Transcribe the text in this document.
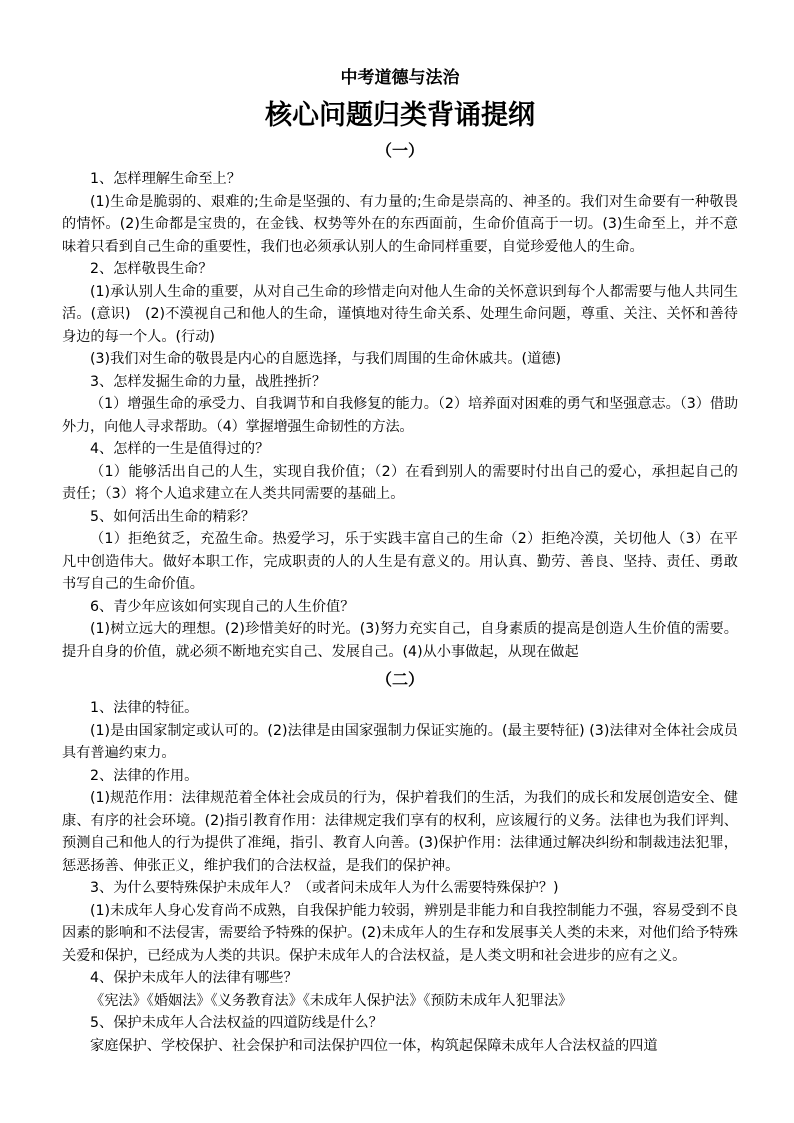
中考道德与法治
核心问题归类背诵提纲
（一）

1、怎样理解生命至上？

(1)生命是脆弱的、艰难的;生命是坚强的、有力量的;生命是崇高的、神圣的。我们对生命要有一种敬畏的情怀。(2)生命都是宝贵的，在金钱、权势等外在的东西面前，生命价值高于一切。(3)生命至上，并不意味着只看到自己生命的重要性，我们也必须承认别人的生命同样重要，自觉珍爱他人的生命。

2、怎样敬畏生命？

(1)承认别人生命的重要，从对自己生命的珍惜走向对他人生命的关怀意识到每个人都需要与他人共同生活。(意识)　(2)不漠视自己和他人的生命，谨慎地对待生命关系、处理生命问题，尊重、关注、关怀和善待身边的每一个人。(行动)

(3)我们对生命的敬畏是内心的自愿选择，与我们周围的生命休戚共。(道德)

3、怎样发掘生命的力量，战胜挫折？

（1）增强生命的承受力、自我调节和自我修复的能力。（2）培养面对困难的勇气和坚强意志。（3）借助外力，向他人寻求帮助。（4）掌握增强生命韧性的方法。

4、怎样的一生是值得过的？

（1）能够活出自己的人生，实现自我价值；（2）在看到别人的需要时付出自己的爱心，承担起自己的责任；（3）将个人追求建立在人类共同需要的基础上。

5、如何活出生命的精彩？

（1）拒绝贫乏，充盈生命。热爱学习，乐于实践丰富自己的生命（2）拒绝冷漠，关切他人（3）在平凡中创造伟大。做好本职工作，完成职责的人的人生是有意义的。用认真、勤劳、善良、坚持、责任、勇敢书写自己的生命价值。

6、青少年应该如何实现自己的人生价值？

(1)树立远大的理想。(2)珍惜美好的时光。(3)努力充实自己，自身素质的提高是创造人生价值的需要。提升自身的价值，就必须不断地充实自己、发展自己。(4)从小事做起，从现在做起

（二）

1、法律的特征。

(1)是由国家制定或认可的。(2)法律是由国家强制力保证实施的。(最主要特征) (3)法律对全体社会成员具有普遍约束力。

2、法律的作用。

(1)规范作用：法律规范着全体社会成员的行为，保护着我们的生活，为我们的成长和发展创造安全、健康、有序的社会环境。(2)指引教育作用：法律规定我们享有的权利，应该履行的义务。法律也为我们评判、预测自己和他人的行为提供了准绳，指引、教育人向善。(3)保护作用：法律通过解决纠纷和制裁违法犯罪，惩恶扬善、伸张正义，维护我们的合法权益，是我们的保护神。

3、为什么要特殊保护未成年人？（或者问未成年人为什么需要特殊保护？)

(1)未成年人身心发育尚不成熟，自我保护能力较弱，辨别是非能力和自我控制能力不强，容易受到不良因素的影响和不法侵害，需要给予特殊的保护。(2)未成年人的生存和发展事关人类的未来，对他们给予特殊关爱和保护，已经成为人类的共识。保护未成年人的合法权益，是人类文明和社会进步的应有之义。

4、保护未成年人的法律有哪些？

《宪法》《婚姻法》《义务教育法》《未成年人保护法》《预防未成年人犯罪法》

5、保护未成年人合法权益的四道防线是什么？

家庭保护、学校保护、社会保护和司法保护四位一体，构筑起保障未成年人合法权益的四道
